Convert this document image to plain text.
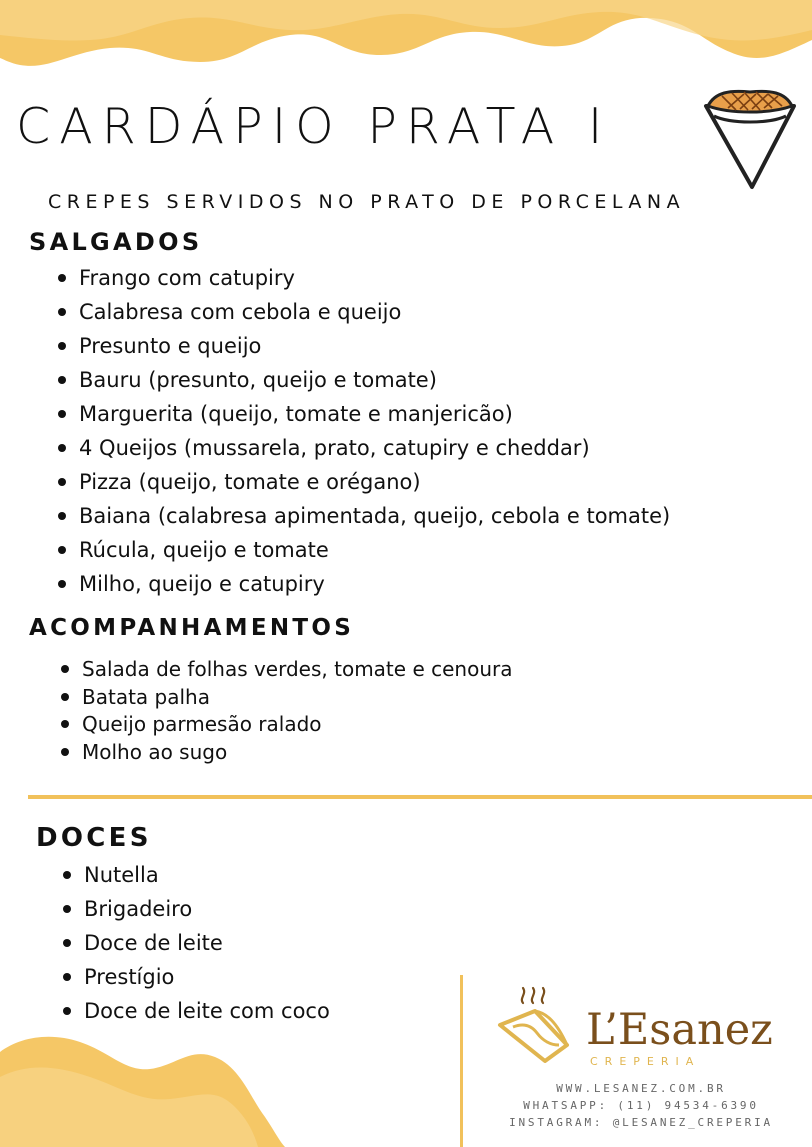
CARDÁPIO PRATA I
CREPES SERVIDOS NO PRATO DE PORCELANA
SALGADOS
Frango com catupiry
Calabresa com cebola e queijo
Presunto e queijo
Bauru (presunto, queijo e tomate)
Marguerita (queijo, tomate e manjericão)
4 Queijos (mussarela, prato, catupiry e cheddar)
Pizza (queijo, tomate e orégano)
Baiana (calabresa apimentada, queijo, cebola e tomate)
Rúcula, queijo e tomate
Milho, queijo e catupiry
ACOMPANHAMENTOS
Salada de folhas verdes, tomate e cenoura
Batata palha
Queijo parmesão ralado
Molho ao sugo
DOCES
Nutella
Brigadeiro
Doce de leite
Prestígio
Doce de leite com coco	L’Esanez
CREPERIA
WWW.LESANEZ.COM.BR
WHATSAPP: (11) 94534-6390
INSTAGRAM: @LESANEZ_CREPERIA
